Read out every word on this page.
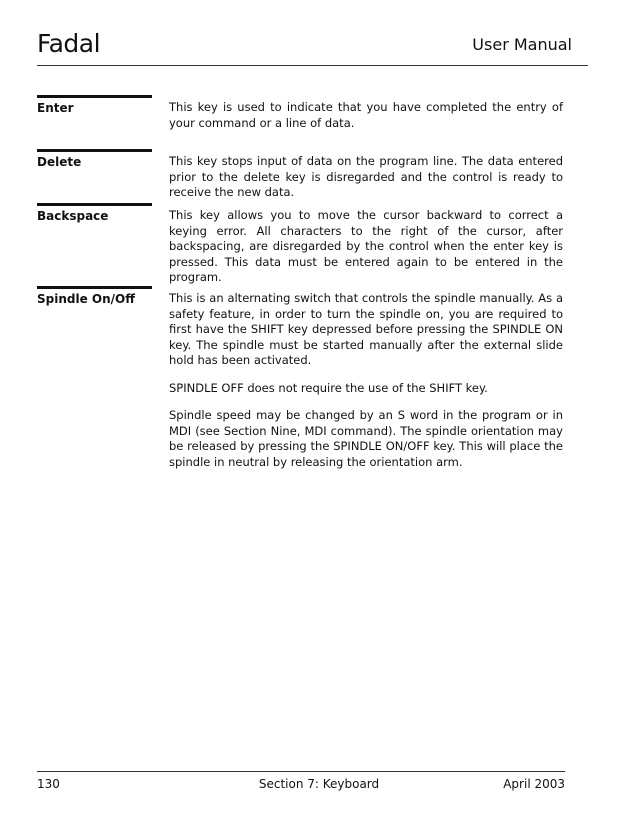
Fadal	User Manual
Enter	This key is used to indicate that you have completed the entry of your command or a line of data.

Delete	This key stops input of data on the program line. The data entered prior to the delete key is disregarded and the control is ready to receive the new data.

Backspace	This key allows you to move the cursor backward to correct a keying error. All characters to the right of the cursor, after backspacing, are disregarded by the control when the enter key is pressed. This data must be entered again to be entered in the program.

Spindle On/Off	This is an alternating switch that controls the spindle manually. As a safety feature, in order to turn the spindle on, you are required to first have the SHIFT key depressed before pressing the SPINDLE ON key. The spindle must be started manually after the external slide hold has been activated.

SPINDLE OFF does not require the use of the SHIFT key.

Spindle speed may be changed by an S word in the program or in MDI (see Section Nine, MDI command). The spindle orientation may be released by pressing the SPINDLE ON/OFF key. This will place the spindle in neutral by releasing the orientation arm.

130	Section 7: Keyboard	April 2003
